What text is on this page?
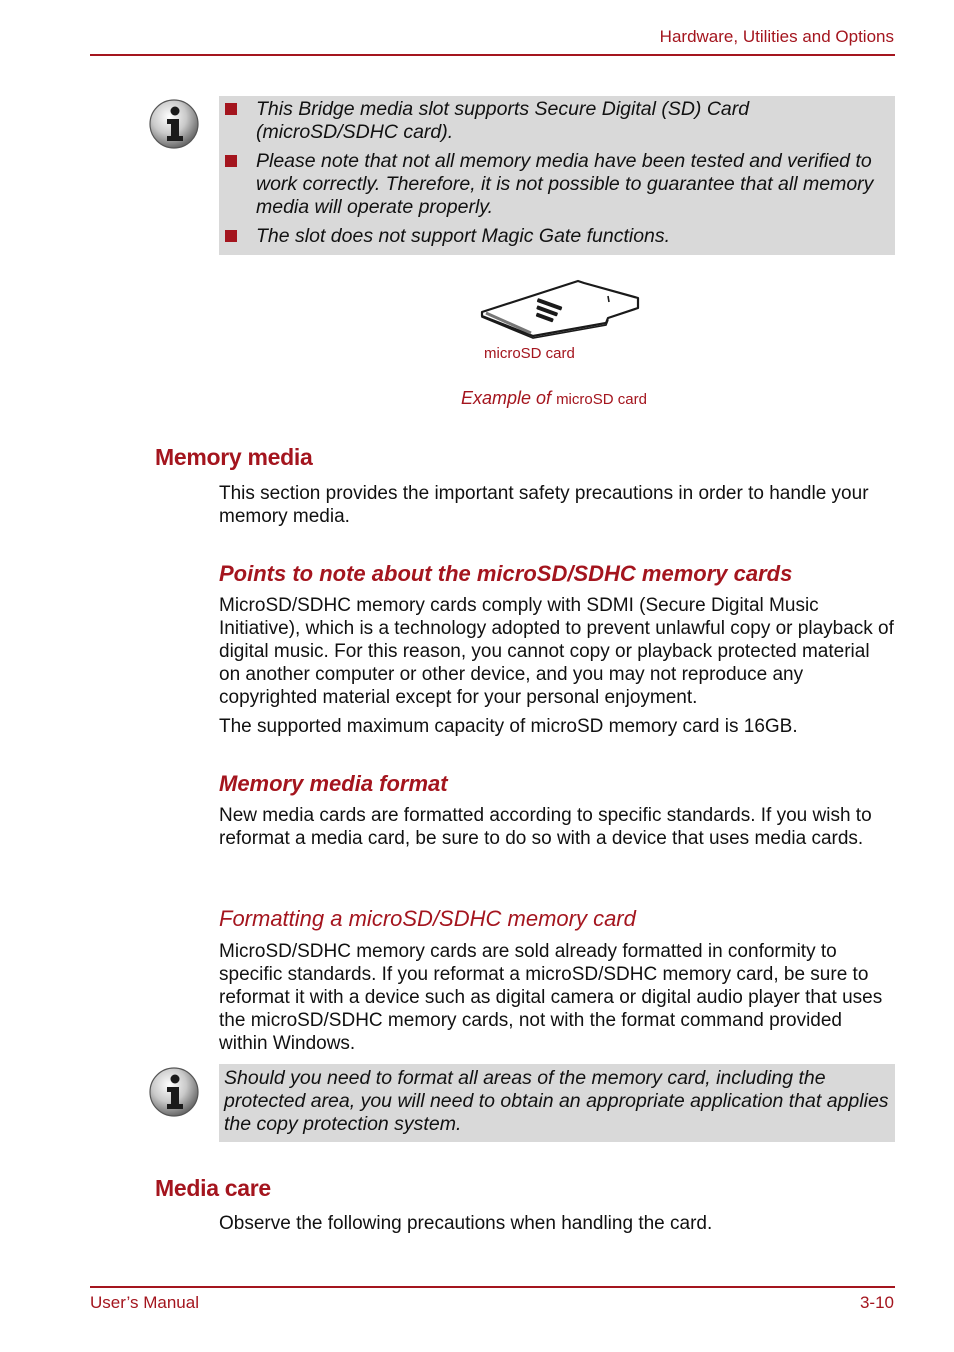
Hardware, Utilities and Options

This Bridge media slot supports Secure Digital (SD) Card (microSD/SDHC card).

Please note that not all memory media have been tested and verified to work correctly. Therefore, it is not possible to guarantee that all memory media will operate properly.

The slot does not support Magic Gate functions.

microSD card
Example of microSD card
Memory media

This section provides the important safety precautions in order to handle your memory media.

Points to note about the microSD/SDHC memory cards

MicroSD/SDHC memory cards comply with SDMI (Secure Digital Music Initiative), which is a technology adopted to prevent unlawful copy or playback of digital music. For this reason, you cannot copy or playback protected material on another computer or other device, and you may not reproduce any copyrighted material except for your personal enjoyment.

The supported maximum capacity of microSD memory card is 16GB.

Memory media format

New media cards are formatted according to specific standards. If you wish to reformat a media card, be sure to do so with a device that uses media cards.

Formatting a microSD/SDHC memory card

MicroSD/SDHC memory cards are sold already formatted in conformity to specific standards. If you reformat a microSD/SDHC memory card, be sure to reformat it with a device such as digital camera or digital audio player that uses the microSD/SDHC memory cards, not with the format command provided within Windows.

Should you need to format all areas of the memory card, including the protected area, you will need to obtain an appropriate application that applies the copy protection system.

Media care

Observe the following precautions when handling the card.

User’s Manual	3-10
